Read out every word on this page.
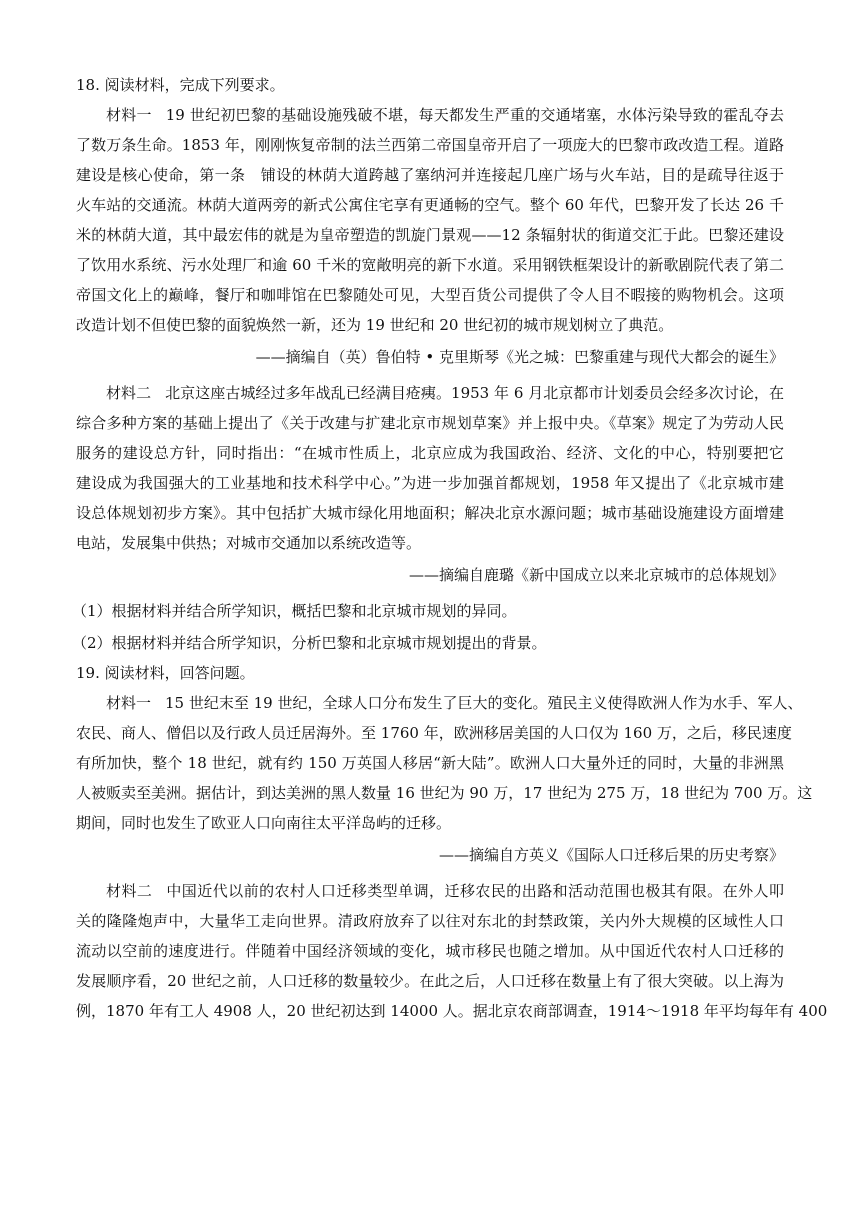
18. 阅读材料，完成下列要求。

材料一 19 世纪初巴黎的基础设施残破不堪，每天都发生严重的交通堵塞，水体污染导致的霍乱夺去

了数万条生命。1853 年，刚刚恢复帝制的法兰西第二帝国皇帝开启了一项庞大的巴黎市政改造工程。道路

建设是核心使命，第一条　铺设的林荫大道跨越了塞纳河并连接起几座广场与火车站，目的是疏导往返于

火车站的交通流。林荫大道两旁的新式公寓住宅享有更通畅的空气。整个 60 年代，巴黎开发了长达 26 千

米的林荫大道，其中最宏伟的就是为皇帝塑造的凯旋门景观——12 条辐射状的街道交汇于此。巴黎还建设

了饮用水系统、污水处理厂和逾 60 千米的宽敞明亮的新下水道。采用钢铁框架设计的新歌剧院代表了第二

帝国文化上的巅峰，餐厅和咖啡馆在巴黎随处可见，大型百货公司提供了令人目不暇接的购物机会。这项

改造计划不但使巴黎的面貌焕然一新，还为 19 世纪和 20 世纪初的城市规划树立了典范。

——摘编自（英）鲁伯特 • 克里斯琴《光之城：巴黎重建与现代大都会的诞生》

材料二 北京这座古城经过多年战乱已经满目疮痍。1953 年 6 月北京都市计划委员会经多次讨论，在

综合多种方案的基础上提出了《关于改建与扩建北京市规划草案》并上报中央。《草案》规定了为劳动人民

服务的建设总方针，同时指出：“在城市性质上，北京应成为我国政治、经济、文化的中心，特别要把它

建设成为我国强大的工业基地和技术科学中心。”为进一步加强首都规划，1958 年又提出了《北京城市建

设总体规划初步方案》。其中包括扩大城市绿化用地面积；解决北京水源问题；城市基础设施建设方面增建

电站，发展集中供热；对城市交通加以系统改造等。

——摘编自鹿璐《新中国成立以来北京城市的总体规划》

（1）根据材料并结合所学知识，概括巴黎和北京城市规划的异同。

（2）根据材料并结合所学知识，分析巴黎和北京城市规划提出的背景。

19. 阅读材料，回答问题。

材料一 15 世纪末至 19 世纪，全球人口分布发生了巨大的变化。殖民主义使得欧洲人作为水手、军人、

农民、商人、僧侣以及行政人员迁居海外。至 1760 年，欧洲移居美国的人口仅为 160 万，之后，移民速度

有所加快，整个 18 世纪，就有约 150 万英国人移居“新大陆”。欧洲人口大量外迁的同时，大量的非洲黑

人被贩卖至美洲。据估计，到达美洲的黑人数量 16 世纪为 90 万，17 世纪为 275 万，18 世纪为 700 万。这

期间，同时也发生了欧亚人口向南往太平洋岛屿的迁移。

——摘编自方英义《国际人口迁移后果的历史考察》

材料二 中国近代以前的农村人口迁移类型单调，迁移农民的出路和活动范围也极其有限。在外人叩

关的隆隆炮声中，大量华工走向世界。清政府放弃了以往对东北的封禁政策，关内外大规模的区域性人口

流动以空前的速度进行。伴随着中国经济领域的变化，城市移民也随之增加。从中国近代农村人口迁移的

发展顺序看，20 世纪之前，人口迁移的数量较少。在此之后，人口迁移在数量上有了很大突破。以上海为

例，1870 年有工人 4908 人，20 世纪初达到 14000 人。据北京农商部调查，1914～1918 年平均每年有 400
